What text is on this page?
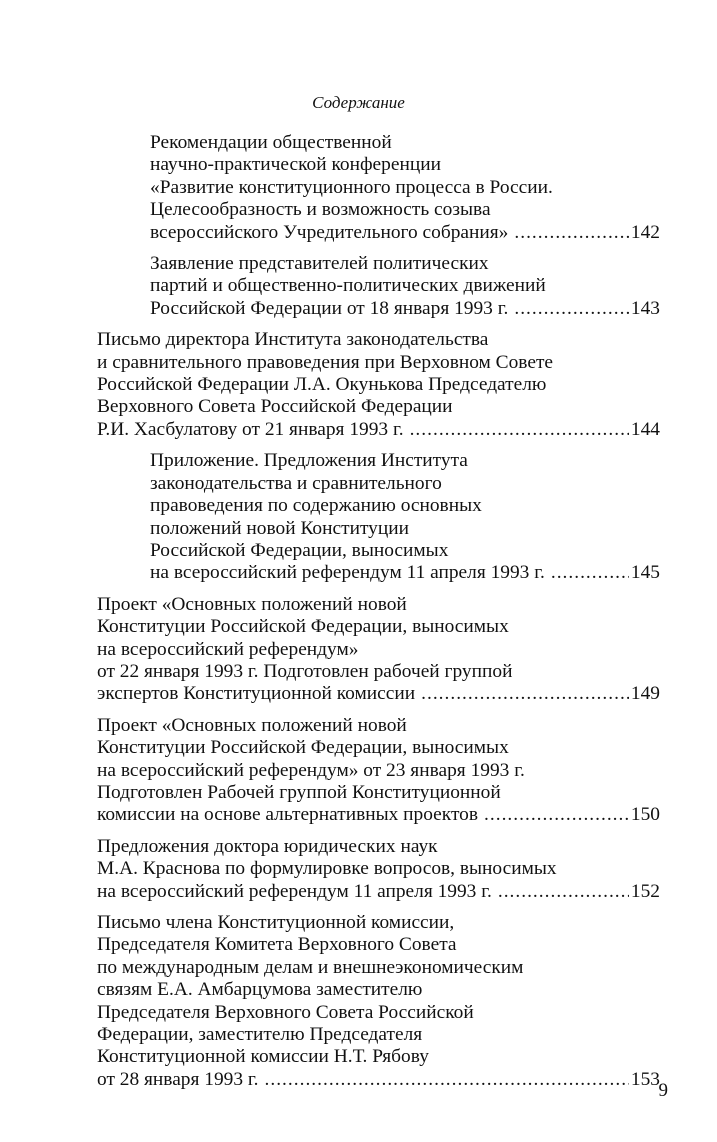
Содержание
Рекомендации общественной
научно-практической конференции
«Развитие конституционного процесса в России.
Целесообразность и возможность созыва
всероссийского Учредительного собрания» .....	142
Заявление представителей политических
партий и общественно-политических движений
Российской Федерации от 18 января 1993 г. .....	143
Письмо директора Института законодательства
и сравнительного правоведения при Верховном Совете
Российской Федерации Л.А. Окунькова Председателю
Верховного Совета Российской Федерации
Р.И. Хасбулатову от 21 января 1993 г. .....	144
Приложение. Предложения Института
законодательства и сравнительного
правоведения по содержанию основных
положений новой Конституции
Российской Федерации, выносимых
на всероссийский референдум 11 апреля 1993 г. .....	145
Проект «Основных положений новой
Конституции Российской Федерации, выносимых
на всероссийский референдум»
от 22 января 1993 г. Подготовлен рабочей группой
экспертов Конституционной комиссии .....	149
Проект «Основных положений новой
Конституции Российской Федерации, выносимых
на всероссийский референдум» от 23 января 1993 г.
Подготовлен Рабочей группой Конституционной
комиссии на основе альтернативных проектов .....	150
Предложения доктора юридических наук
М.А. Краснова по формулировке вопросов, выносимых
на всероссийский референдум 11 апреля 1993 г. .....	152
Письмо члена Конституционной комиссии,
Председателя Комитета Верховного Совета
по международным делам и внешнеэкономическим
связям Е.А. Амбарцумова заместителю
Председателя Верховного Совета Российской
Федерации, заместителю Председателя
Конституционной комиссии Н.Т. Рябову
от 28 января 1993 г. .....	153
9
